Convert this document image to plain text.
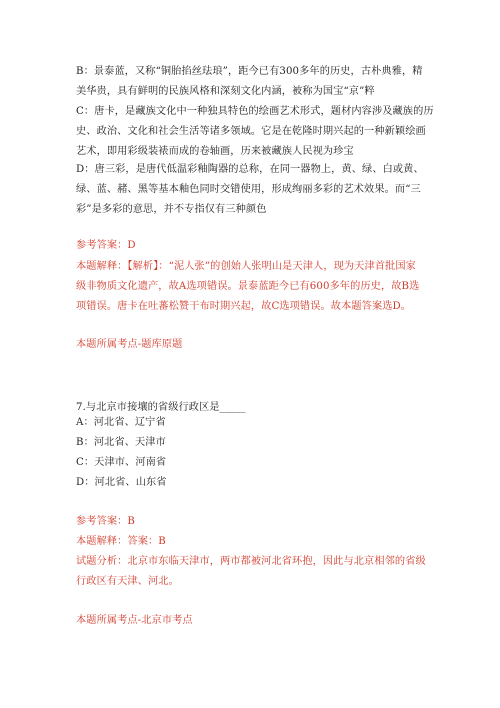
B：景泰蓝，又称“铜胎掐丝珐琅”，距今已有300多年的历史，古朴典雅，精
美华贵，具有鲜明的民族风格和深刻文化内涵，被称为国宝“京”粹
C：唐卡，是藏族文化中一种独具特色的绘画艺术形式，题材内容涉及藏族的历
史、政治、文化和社会生活等诸多领域。它是在乾隆时期兴起的一种新颖绘画
艺术，即用彩级装裱而成的卷轴画，历来被藏族人民视为珍宝
D：唐三彩，是唐代低温彩釉陶器的总称，在同一器物上，黄、绿、白或黄、
绿、蓝、赭、黑等基本釉色同时交错使用，形成绚丽多彩的艺术效果。而“三
彩”是多彩的意思，并不专指仅有三种颜色
参考答案：D
本题解释：【解析】：“泥人张”的创始人张明山是天津人，现为天津首批国家
级非物质文化遗产，故A选项错误。景泰蓝距今已有600多年的历史，故B选
项错误。唐卡在吐蕃松赞干布时期兴起，故C选项错误。故本题答案选D。
本题所属考点-题库原题
7.与北京市接壤的省级行政区是_____
A：河北省、辽宁省
B：河北省、天津市
C：天津市、河南省
D：河北省、山东省
参考答案：B
本题解释：答案：B
试题分析：北京市东临天津市，两市都被河北省环抱，因此与北京相邻的省级
行政区有天津、河北。
本题所属考点-北京市考点
